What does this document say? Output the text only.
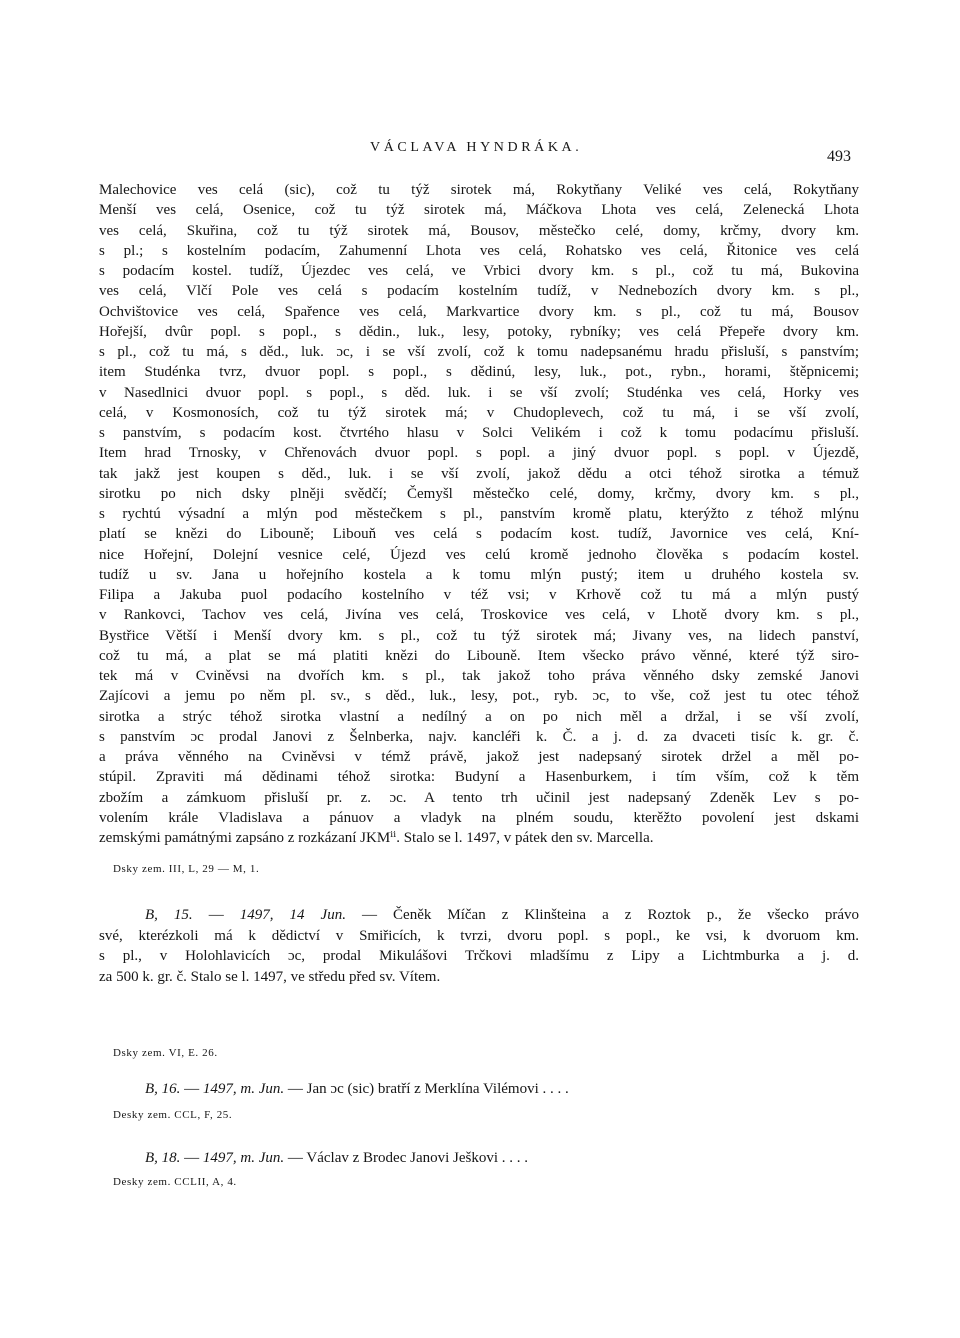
VÁCLAVA HYNDRÁKA.
493
Malechovice ves celá (sic), což tu týž sirotek má, Rokytňany Veliké ves celá, Rokytňany
Menší ves celá, Osenice, což tu týž sirotek má, Máčkova Lhota ves celá, Zelenecká Lhota
ves celá, Skuřina, což tu týž sirotek má, Bousov, městečko celé, domy, krčmy, dvory km.
s pl.; s kostelním podacím, Zahumenní Lhota ves celá, Rohatsko ves celá, Řitonice ves celá
s podacím kostel. tudíž, Újezdec ves celá, ve Vrbici dvory km. s pl., což tu má, Bukovina
ves celá, Vlčí Pole ves celá s podacím kostelním tudíž, v Nednebozích dvory km. s pl.,
Ochvištovice ves celá, Spařence ves celá, Markvartice dvory km. s pl., což tu má, Bousov
Hořejší, dvûr popl. s popl., s dědin., luk., lesy, potoky, rybníky; ves celá Přepeře dvory km.
s pl., což tu má, s děd., luk. ɔc, i se vší zvolí, což k tomu nadepsanému hradu přisluší, s panstvím;
item Studénka tvrz, dvuor popl. s popl., s dědinú, lesy, luk., pot., rybn., horami, štěpnicemi;
v Nasedlnici dvuor popl. s popl., s děd. luk. i se vší zvolí; Studénka ves celá, Horky ves
celá, v Kosmonosích, což tu týž sirotek má; v Chudoplevech, což tu má, i se vší zvolí,
s panstvím, s podacím kost. čtvrtého hlasu v Solci Velikém i což k tomu podacímu přisluší.
Item hrad Trnosky, v Chřenovách dvuor popl. s popl. a jiný dvuor popl. s popl. v Újezdě,
tak jakž jest koupen s děd., luk. i se vší zvolí, jakož dědu a otci téhož sirotka a témuž
sirotku po nich dsky plněji svědčí; Čemyšl městečko celé, domy, krčmy, dvory km. s pl.,
s rychtú výsadní a mlýn pod městečkem s pl., panstvím kromě platu, kterýžto z téhož mlýnu
platí se knězi do Libouně; Libouň ves celá s podacím kost. tudíž, Javornice ves celá, Kní-
nice Hořejní, Dolejní vesnice celé, Újezd ves celú kromě jednoho člověka s podacím kostel.
tudíž u sv. Jana u hořejního kostela a k tomu mlýn pustý; item u druhého kostela sv.
Filipa a Jakuba puol podacího kostelního v též vsi; v Krhově což tu má a mlýn pustý
v Rankovci, Tachov ves celá, Jivína ves celá, Troskovice ves celá, v Lhotě dvory km. s pl.,
Bystřice Větší i Menší dvory km. s pl., což tu týž sirotek má; Jivany ves, na lidech panství,
což tu má, a plat se má platiti knězi do Libouně. Item všecko právo věnné, které týž siro-
tek má v Cviněvsi na dvořích km. s pl., tak jakož toho práva věnného dsky zemské Janovi
Zajícovi a jemu po něm pl. sv., s děd., luk., lesy, pot., ryb. ɔc, to vše, což jest tu otec téhož
sirotka a strýc téhož sirotka vlastní a nedílný a on po nich měl a držal, i se vší zvolí,
s panstvím ɔc prodal Janovi z Šelnberka, najv. kancléři k. Č. a j. d. za dvaceti tisíc k. gr. č.
a práva věnného na Cviněvsi v témž právě, jakož jest nadepsaný sirotek držel a měl po-
stúpil. Zpraviti má dědinami téhož sirotka: Budyní a Hasenburkem, i tím vším, což k těm
zbožím a zámkuom přisluší pr. z. ɔc. A tento trh učinil jest nadepsaný Zdeněk Lev s po-
volením krále Vladislava a pánuov a vladyk na plném soudu, kterěžto povolení jest dskami
zemskými památnými zapsáno z rozkázaní JKMⁱⁱ. Stalo se l. 1497, v pátek den sv. Marcella.
Dsky zem. III, L, 29 — M, 1.
B, 15. — 1497, 14 Jun. — Čeněk Míčan z Klinšteina a z Roztok p., že všecko právo
své, kterézkoli má k dědictví v Smiřicích, k tvrzi, dvoru popl. s popl., ke vsi, k dvoruom km.
s pl., v Holohlavicích ɔc, prodal Mikulášovi Trčkovi mladšímu z Lipy a Lichtmburka a j. d.
za 500 k. gr. č. Stalo se l. 1497, ve středu před sv. Vítem.
Dsky zem. VI, E. 26.
B, 16. — 1497, m. Jun. — Jan ɔc (sic) bratří z Merklína Vilémovi . . . .
Desky zem. CCL, F, 25.
B, 18. — 1497, m. Jun. — Václav z Brodec Janovi Ješkovi . . . .
Desky zem. CCLII, A, 4.
